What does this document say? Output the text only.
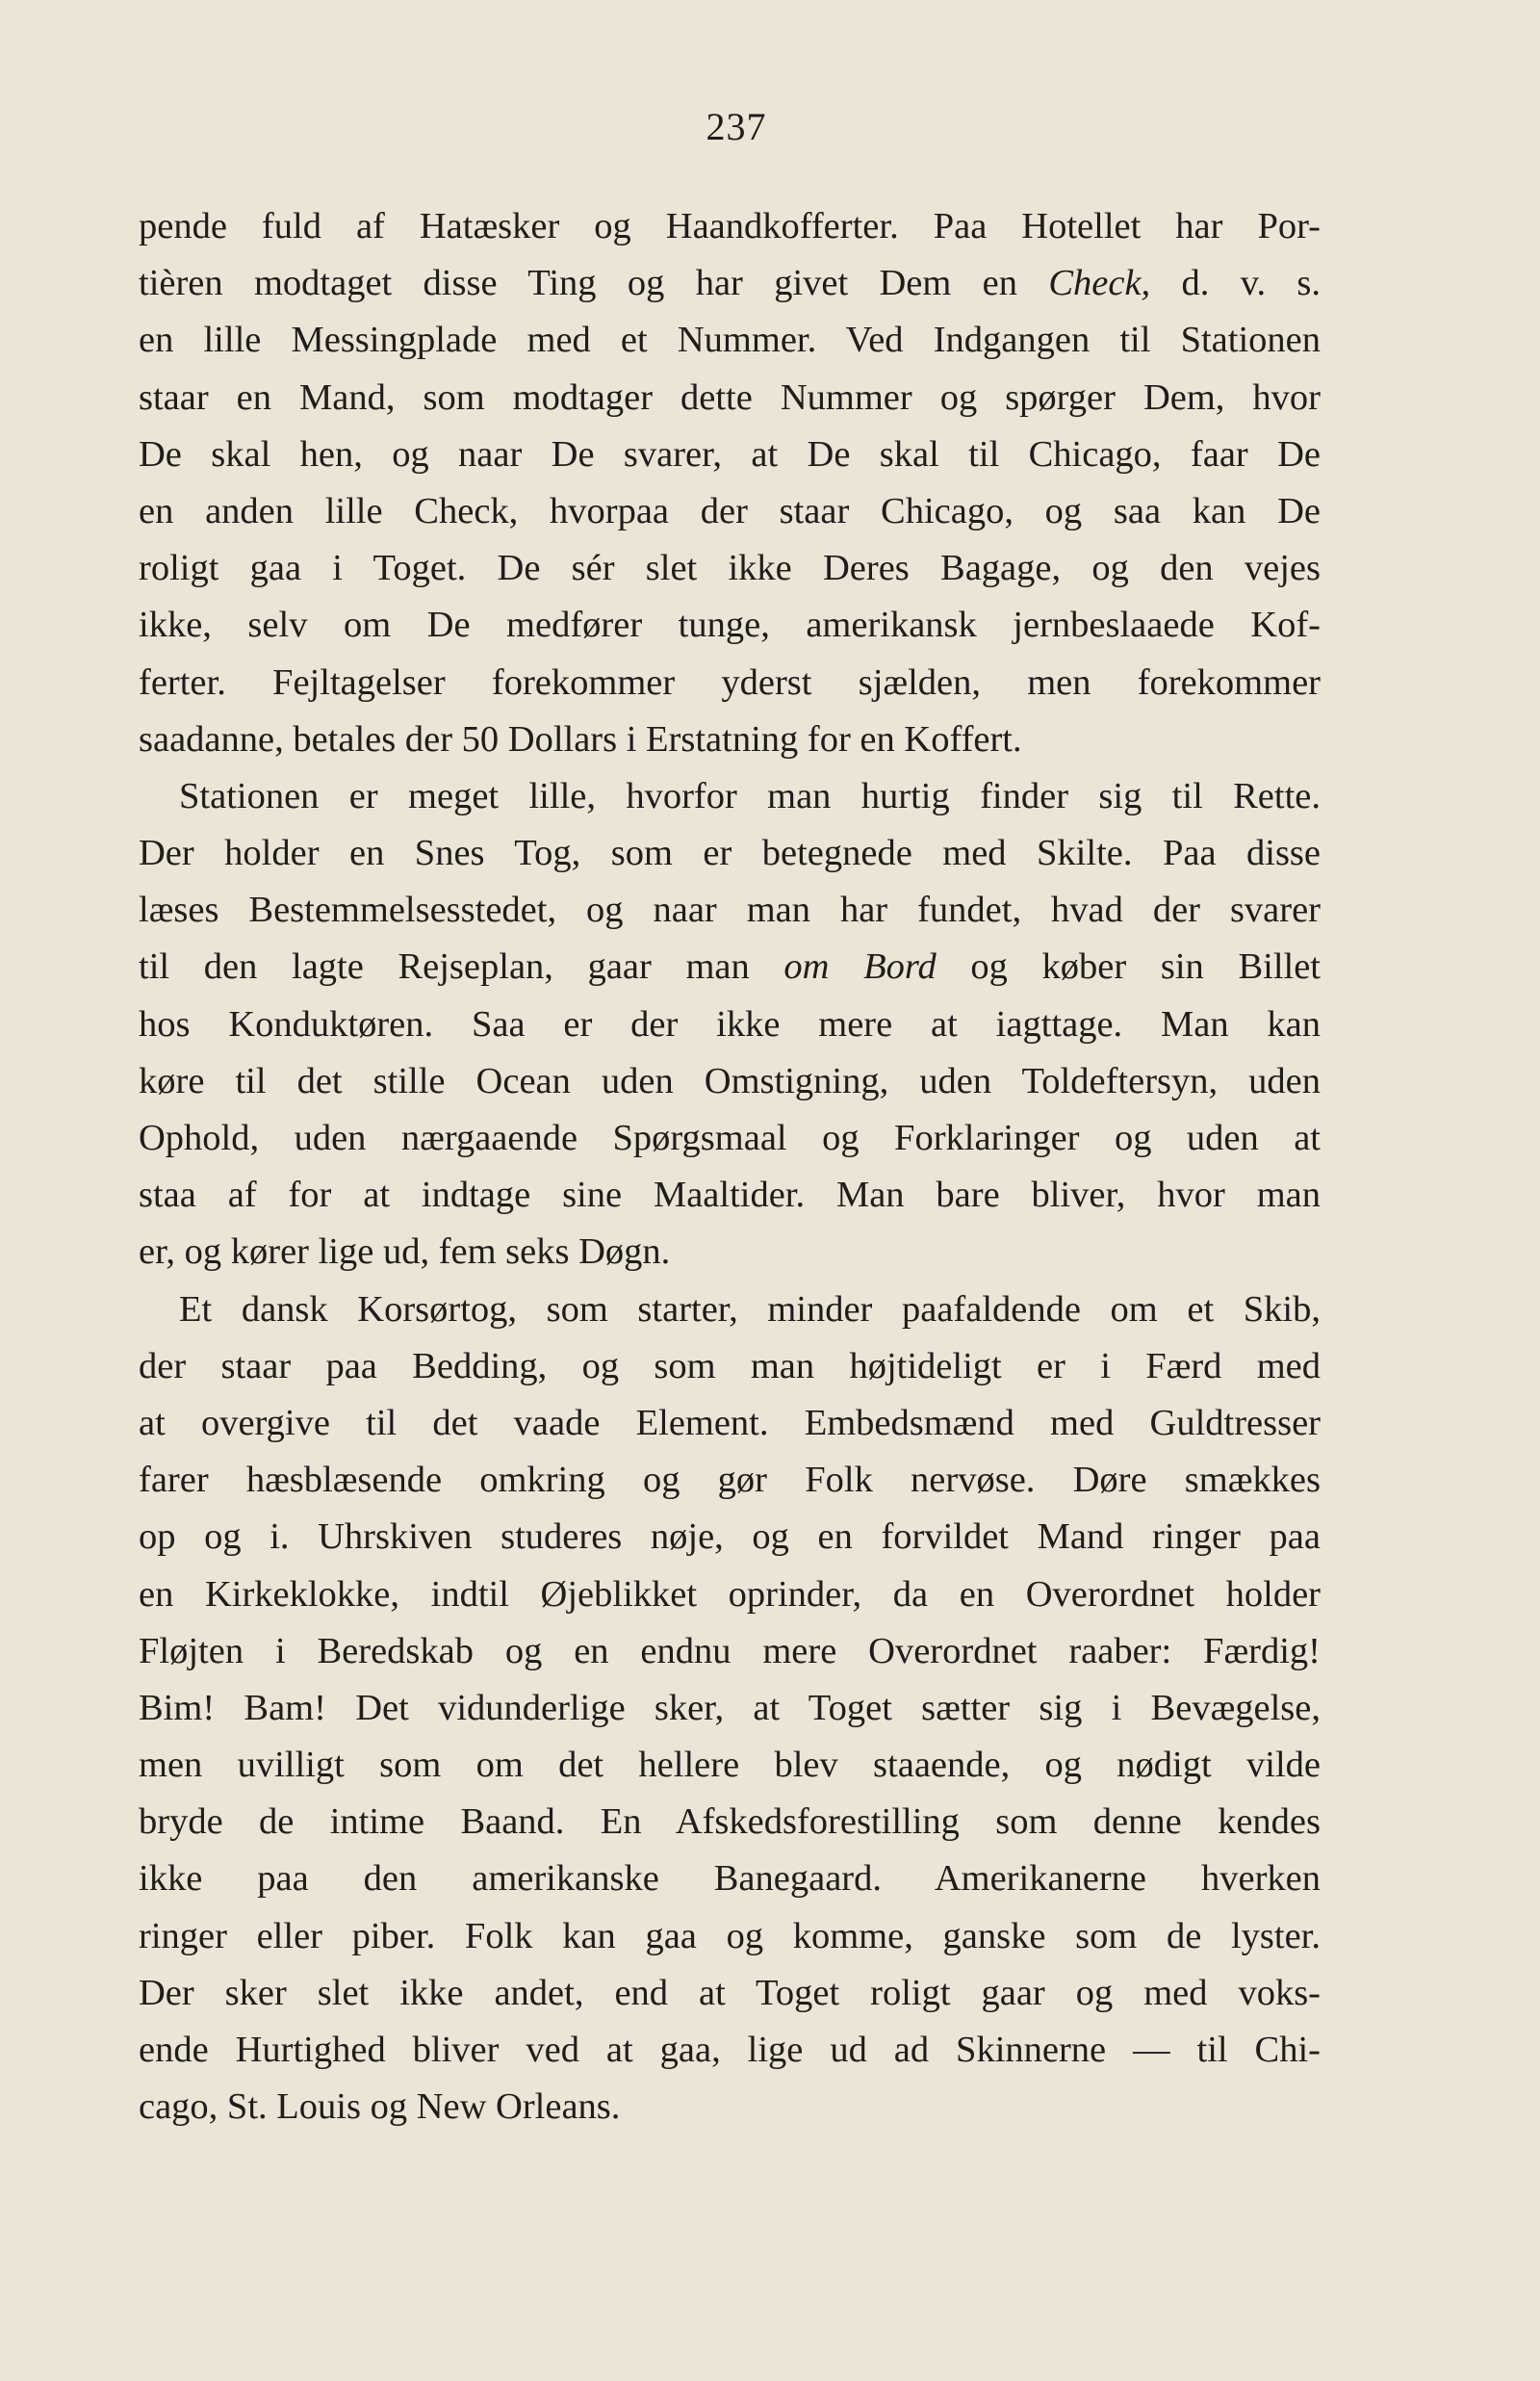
237
pende fuld af Hatæsker og Haandkofferter. Paa Hotellet har Por-
tièren modtaget disse Ting og har givet Dem en Check, d. v. s.
en lille Messingplade med et Nummer. Ved Indgangen til Stationen
staar en Mand, som modtager dette Nummer og spørger Dem, hvor
De skal hen, og naar De svarer, at De skal til Chicago, faar De
en anden lille Check, hvorpaa der staar Chicago, og saa kan De
roligt gaa i Toget. De sér slet ikke Deres Bagage, og den vejes
ikke, selv om De medfører tunge, amerikansk jernbeslaaede Kof-
ferter. Fejltagelser forekommer yderst sjælden, men forekommer
saadanne, betales der 50 Dollars i Erstatning for en Koffert.
Stationen er meget lille, hvorfor man hurtig finder sig til Rette.
Der holder en Snes Tog, som er betegnede med Skilte. Paa disse
læses Bestemmelsesstedet, og naar man har fundet, hvad der svarer
til den lagte Rejseplan, gaar man om Bord og køber sin Billet
hos Konduktøren. Saa er der ikke mere at iagttage. Man kan
køre til det stille Ocean uden Omstigning, uden Toldeftersyn, uden
Ophold, uden nærgaaende Spørgsmaal og Forklaringer og uden at
staa af for at indtage sine Maaltider. Man bare bliver, hvor man
er, og kører lige ud, fem seks Døgn.
Et dansk Korsørtog, som starter, minder paafaldende om et Skib,
der staar paa Bedding, og som man højtideligt er i Færd med
at overgive til det vaade Element. Embedsmænd med Guldtresser
farer hæsblæsende omkring og gør Folk nervøse. Døre smækkes
op og i. Uhrskiven studeres nøje, og en forvildet Mand ringer paa
en Kirkeklokke, indtil Øjeblikket oprinder, da en Overordnet holder
Fløjten i Beredskab og en endnu mere Overordnet raaber: Færdig!
Bim! Bam! Det vidunderlige sker, at Toget sætter sig i Bevægelse,
men uvilligt som om det hellere blev staaende, og nødigt vilde
bryde de intime Baand. En Afskedsforestilling som denne kendes
ikke paa den amerikanske Banegaard. Amerikanerne hverken
ringer eller piber. Folk kan gaa og komme, ganske som de lyster.
Der sker slet ikke andet, end at Toget roligt gaar og med voks-
ende Hurtighed bliver ved at gaa, lige ud ad Skinnerne — til Chi-
cago, St. Louis og New Orleans.
